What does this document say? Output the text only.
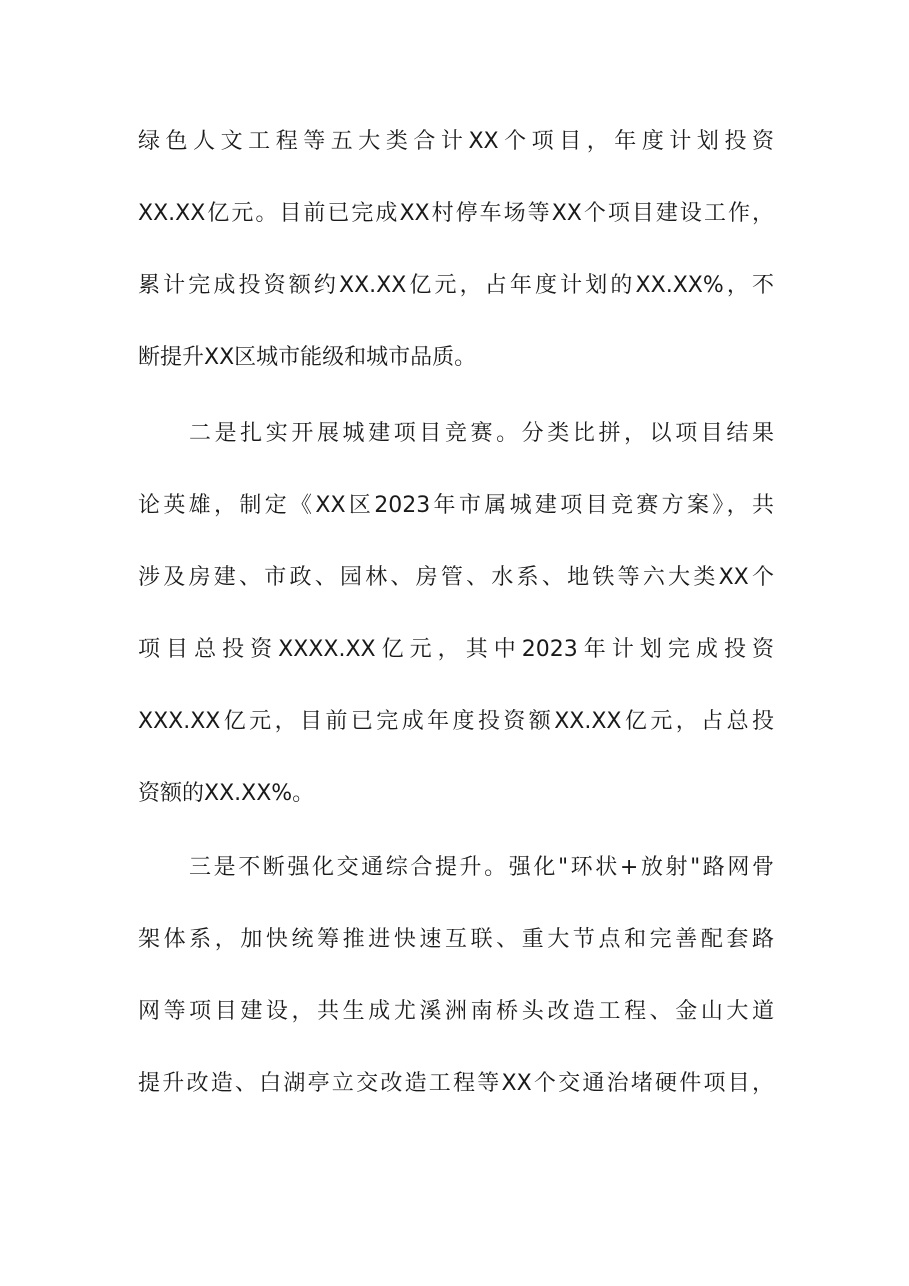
绿色人文工程等五大类合计XX个项目，年度计划投资
XX.XX亿元。目前已完成XX村停车场等XX个项目建设工作，
累计完成投资额约XX.XX亿元，占年度计划的XX.XX%，不
断提升XX区城市能级和城市品质。
二是扎实开展城建项目竞赛。分类比拼，以项目结果
论英雄，制定《XX区2023年市属城建项目竞赛方案》，共
涉及房建、市政、园林、房管、水系、地铁等六大类XX个
项目总投资XXXX.XX亿元，其中2023年计划完成投资
XXX.XX亿元，目前已完成年度投资额XX.XX亿元，占总投
资额的XX.XX%。
三是不断强化交通综合提升。强化"环状+放射"路网骨
架体系，加快统筹推进快速互联、重大节点和完善配套路
网等项目建设，共生成尤溪洲南桥头改造工程、金山大道
提升改造、白湖亭立交改造工程等XX个交通治堵硬件项目，
